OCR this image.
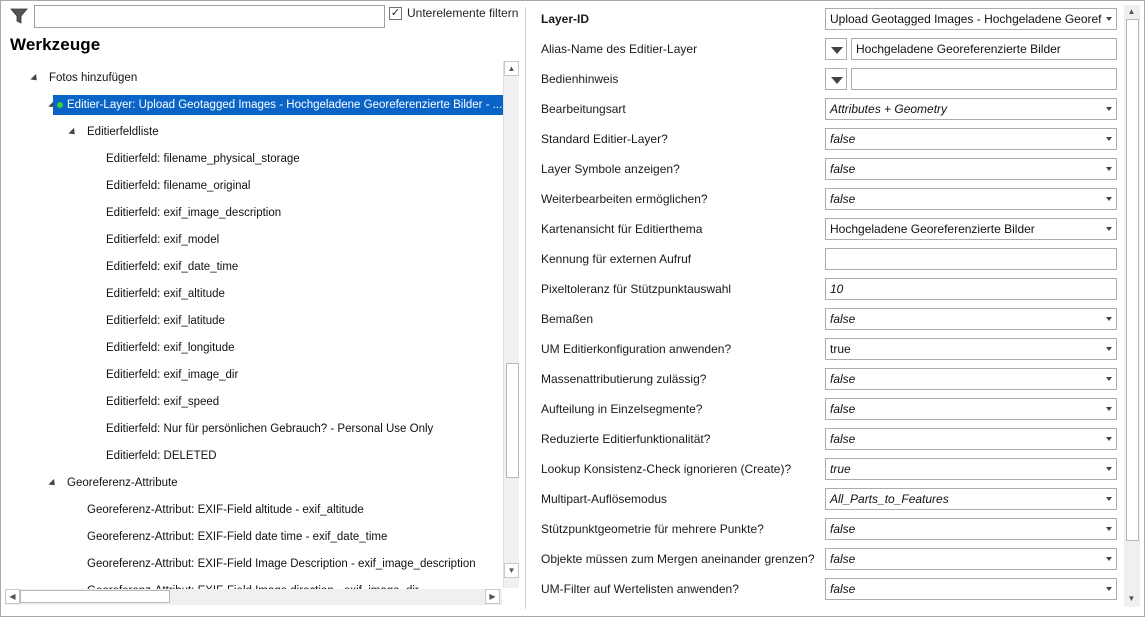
✓ Unterelemente filtern
Werkzeuge
Fotos hinzufügen
Editier-Layer: Upload Geotagged Images - Hochgeladene Georeferenzierte Bilder - ...
Editierfeldliste
Editierfeld: filename_physical_storage
Editierfeld: filename_original
Editierfeld: exif_image_description
Editierfeld: exif_model
Editierfeld: exif_date_time
Editierfeld: exif_altitude
Editierfeld: exif_latitude
Editierfeld: exif_longitude
Editierfeld: exif_image_dir
Editierfeld: exif_speed
Editierfeld: Nur für persönlichen Gebrauch? - Personal Use Only
Editierfeld: DELETED
Georeferenz-Attribute
Georeferenz-Attribut: EXIF-Field altitude - exif_altitude
Georeferenz-Attribut: EXIF-Field date time - exif_date_time
Georeferenz-Attribut: EXIF-Field Image Description - exif_image_description
▲
▼
◀	▶
Layer-ID	Upload Geotagged Images - Hochgeladene Georef
Alias-Name des Editier-Layer	Hochgeladene Georeferenzierte Bilder
Bedienhinweis
Bearbeitungsart	Attributes + Geometry
Standard Editier-Layer?	false
Layer Symbole anzeigen?	false
Weiterbearbeiten ermöglichen?	false
Kartenansicht für Editierthema	Hochgeladene Georeferenzierte Bilder
Kennung für externen Aufruf
Pixeltoleranz für Stützpunktauswahl	10
Bemaßen	false
UM Editierkonfiguration anwenden?	true
Massenattributierung zulässig?	false
Aufteilung in Einzelsegmente?	false
Reduzierte Editierfunktionalität?	false
Lookup Konsistenz-Check ignorieren (Create)?	true
Multipart-Auflösemodus	All_Parts_to_Features
Stützpunktgeometrie für mehrere Punkte?	false
Objekte müssen zum Mergen aneinander grenzen? false
UM-Filter auf Wertelisten anwenden?	false
▲
▼
